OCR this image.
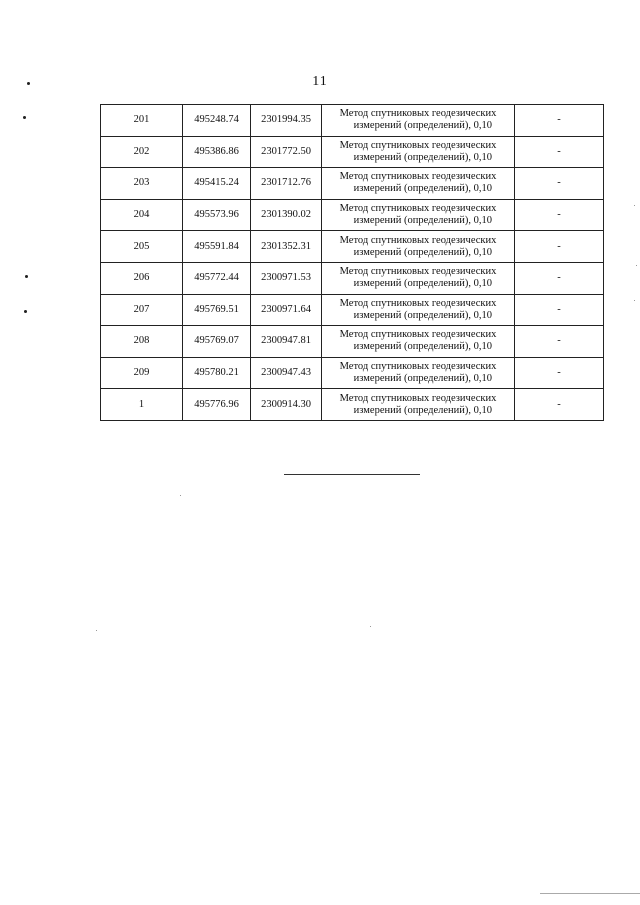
11
201	495248.74	2301994.35	Метод спутниковых геодезических
измерений (определений), 0,10	-
202	495386.86	2301772.50	Метод спутниковых геодезических
измерений (определений), 0,10	-
203	495415.24	2301712.76	Метод спутниковых геодезических
измерений (определений), 0,10	-
204	495573.96	2301390.02	Метод спутниковых геодезических
измерений (определений), 0,10	-
205	495591.84	2301352.31	Метод спутниковых геодезических
измерений (определений), 0,10	-
206	495772.44	2300971.53	Метод спутниковых геодезических
измерений (определений), 0,10	-
207	495769.51	2300971.64	Метод спутниковых геодезических
измерений (определений), 0,10	-
208	495769.07	2300947.81	Метод спутниковых геодезических
измерений (определений), 0,10	-
209	495780.21	2300947.43	Метод спутниковых геодезических
измерений (определений), 0,10	-
1	495776.96	2300914.30	Метод спутниковых геодезических
измерений (определений), 0,10	-
